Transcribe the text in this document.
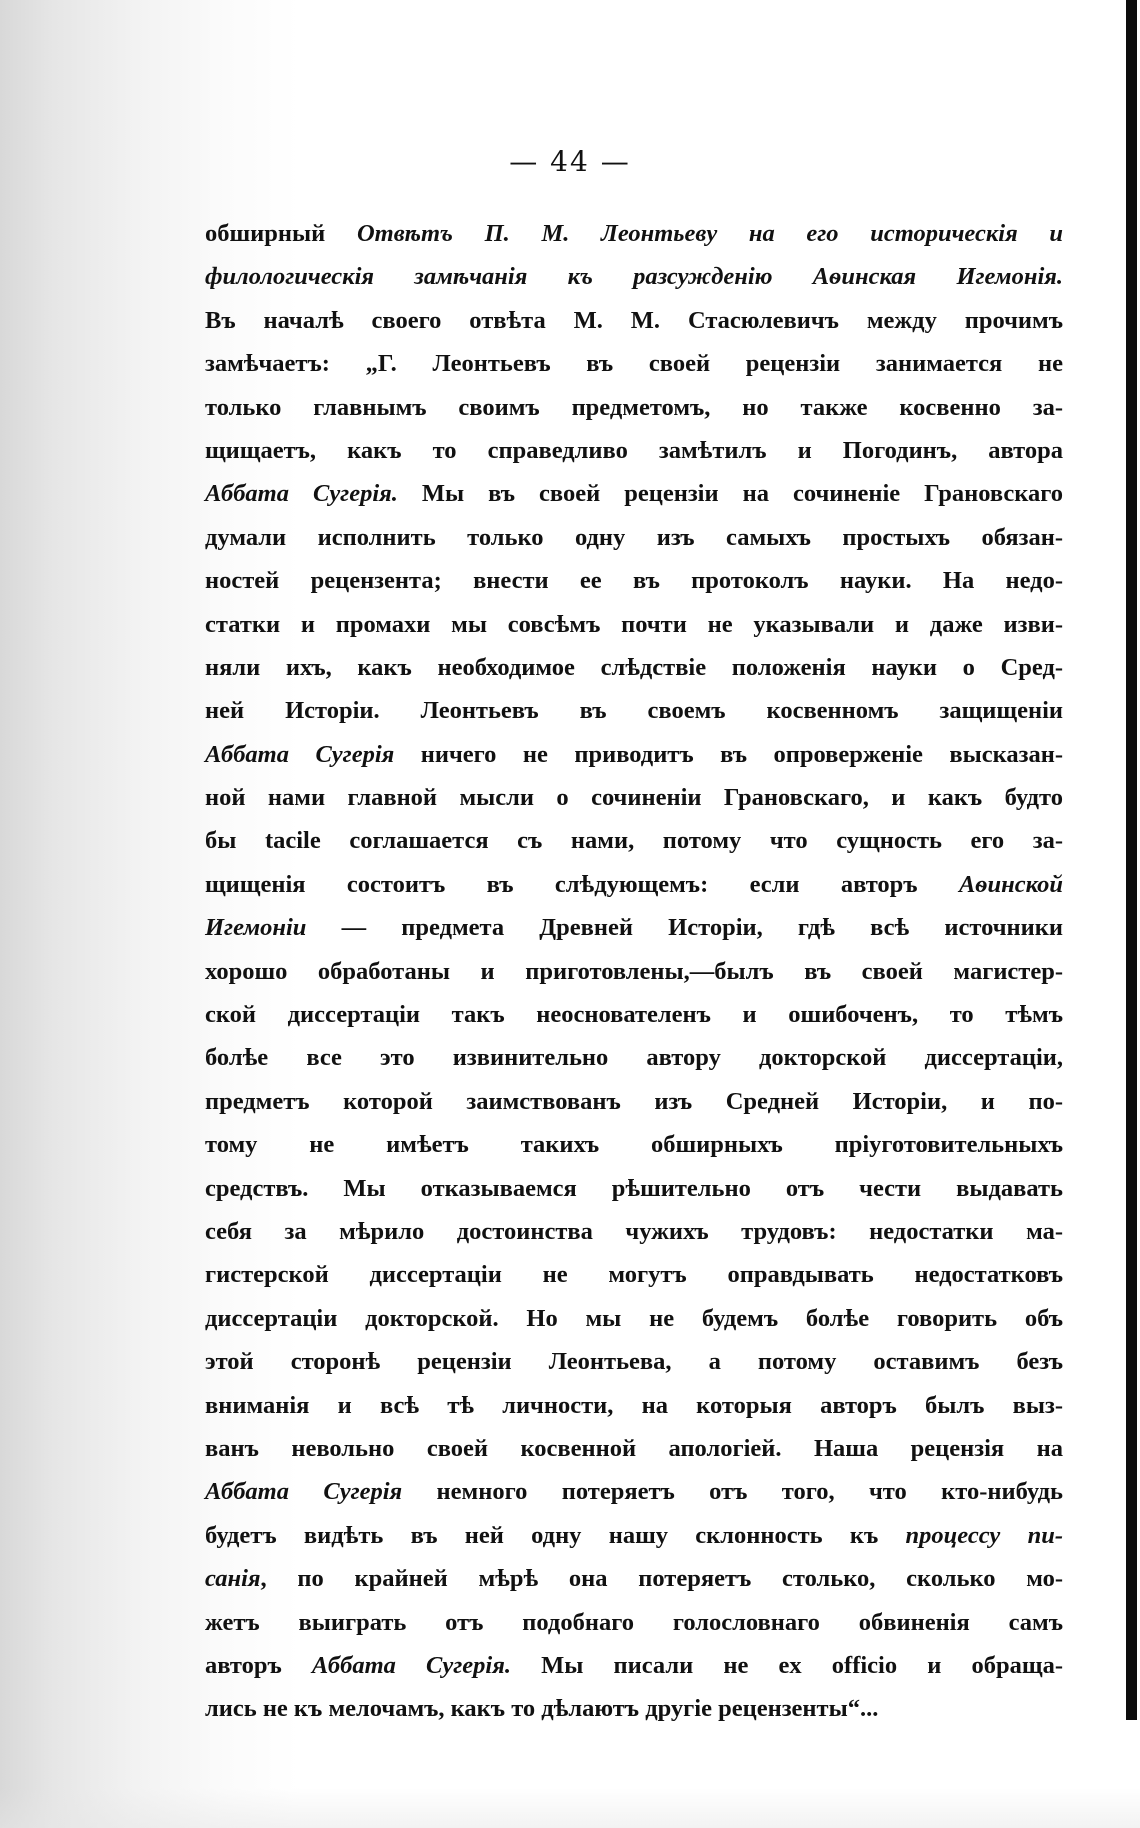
— 44 —
обширный Отвѣтъ П. М. Леонтьеву на его историческія и
филологическія замѣчанія къ разсужденію Аѳинская Игемонія.
Въ началѣ своего отвѣта М. М. Стасюлевичъ между прочимъ
замѣчаетъ: „Г. Леонтьевъ въ своей рецензіи занимается не
только главнымъ своимъ предметомъ, но также косвенно за-
щищаетъ, какъ то справедливо замѣтилъ и Погодинъ, автора
Аббата Сугерія. Мы въ своей рецензіи на сочиненіе Грановскаго
думали исполнить только одну изъ самыхъ простыхъ обязан-
ностей рецензента; внести ее въ протоколъ науки. На недо-
статки и промахи мы совсѣмъ почти не указывали и даже изви-
няли ихъ, какъ необходимое слѣдствіе положенія науки о Сред-
ней Исторіи. Леонтьевъ въ своемъ косвенномъ защищеніи
Аббата Сугерія ничего не приводитъ въ опроверженіе высказан-
ной нами главной мысли о сочиненіи Грановскаго, и какъ будто
бы tacile соглашается съ нами, потому что сущность его за-
щищенія состоитъ въ слѣдующемъ: если авторъ Аѳинской
Игемоніи — предмета Древней Исторіи, гдѣ всѣ источники
хорошо обработаны и приготовлены,—былъ въ своей магистер-
ской диссертаціи такъ неоснователенъ и ошибоченъ, то тѣмъ
болѣе все это извинительно автору докторской диссертаціи,
предметъ которой заимствованъ изъ Средней Исторіи, и по-
тому не имѣетъ такихъ обширныхъ пріуготовительныхъ
средствъ. Мы отказываемся рѣшительно отъ чести выдавать
себя за мѣрило достоинства чужихъ трудовъ: недостатки ма-
гистерской диссертаціи не могутъ оправдывать недостатковъ
диссертаціи докторской. Но мы не будемъ болѣе говорить объ
этой сторонѣ рецензіи Леонтьева, а потому оставимъ безъ
вниманія и всѣ тѣ личности, на которыя авторъ былъ выз-
ванъ невольно своей косвенной апологіей. Наша рецензія на
Аббата Сугерія немного потеряетъ отъ того, что кто-нибудь
будетъ видѣть въ ней одну нашу склонность къ процессу пи-
санія, по крайней мѣрѣ она потеряетъ столько, сколько мо-
жетъ выиграть отъ подобнаго голословнаго обвиненія самъ
авторъ Аббата Сугерія. Мы писали не ex officio и обраща-
лись не къ мелочамъ, какъ то дѣлаютъ другіе рецензенты“...
